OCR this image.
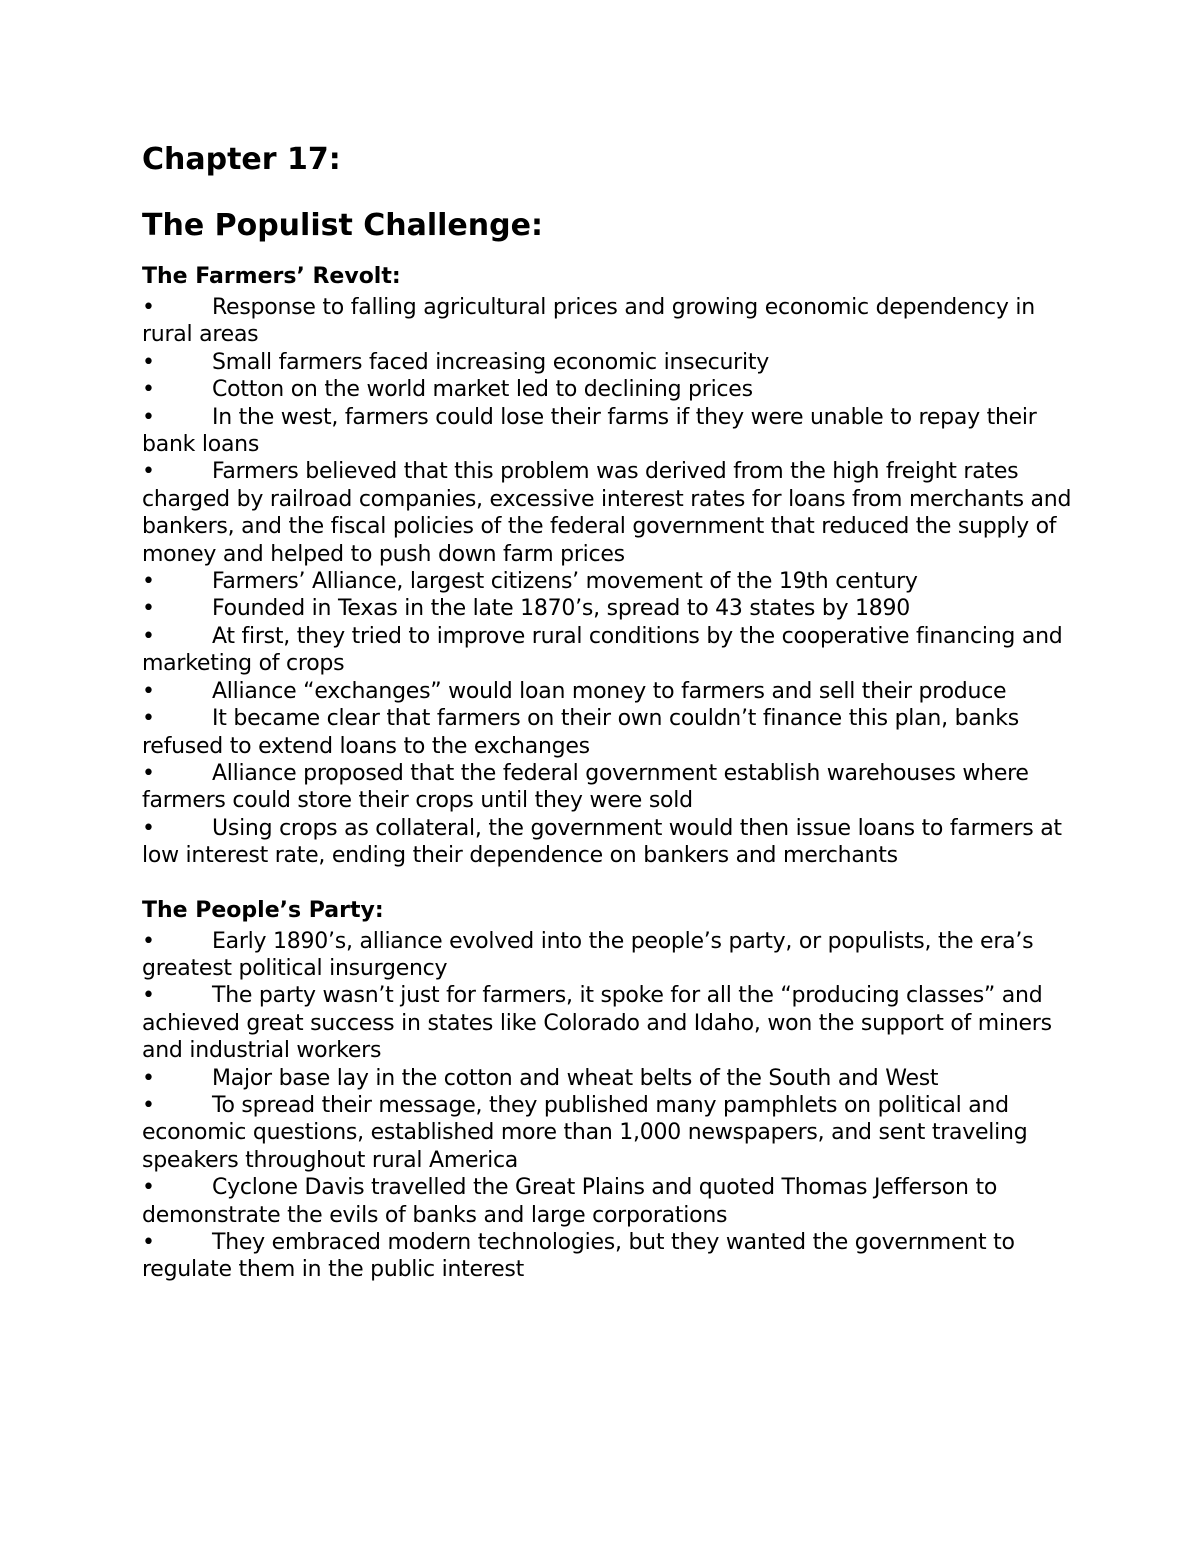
Chapter 17:
The Populist Challenge:
The Farmers’ Revolt:
•	Response to falling agricultural prices and growing economic dependency in rural areas
•	Small farmers faced increasing economic insecurity
•	Cotton on the world market led to declining prices
•	In the west, farmers could lose their farms if they were unable to repay their bank loans
•	Farmers believed that this problem was derived from the high freight rates charged by railroad companies, excessive interest rates for loans from merchants and bankers, and the fiscal policies of the federal government that reduced the supply of money and helped to push down farm prices
•	Farmers’ Alliance, largest citizens’ movement of the 19th century
•	Founded in Texas in the late 1870’s, spread to 43 states by 1890
•	At first, they tried to improve rural conditions by the cooperative financing and marketing of crops
•	Alliance “exchanges” would loan money to farmers and sell their produce
•	It became clear that farmers on their own couldn’t finance this plan, banks refused to extend loans to the exchanges
•	Alliance proposed that the federal government establish warehouses where farmers could store their crops until they were sold
•	Using crops as collateral, the government would then issue loans to farmers at low interest rate, ending their dependence on bankers and merchants
The People’s Party:
•	Early 1890’s, alliance evolved into the people’s party, or populists, the era’s greatest political insurgency
•	The party wasn’t just for farmers, it spoke for all the “producing classes” and achieved great success in states like Colorado and Idaho, won the support of miners and industrial workers
•	Major base lay in the cotton and wheat belts of the South and West
•	To spread their message, they published many pamphlets on political and economic questions, established more than 1,000 newspapers, and sent traveling speakers throughout rural America
•	Cyclone Davis travelled the Great Plains and quoted Thomas Jefferson to demonstrate the evils of banks and large corporations
•	They embraced modern technologies, but they wanted the government to regulate them in the public interest
